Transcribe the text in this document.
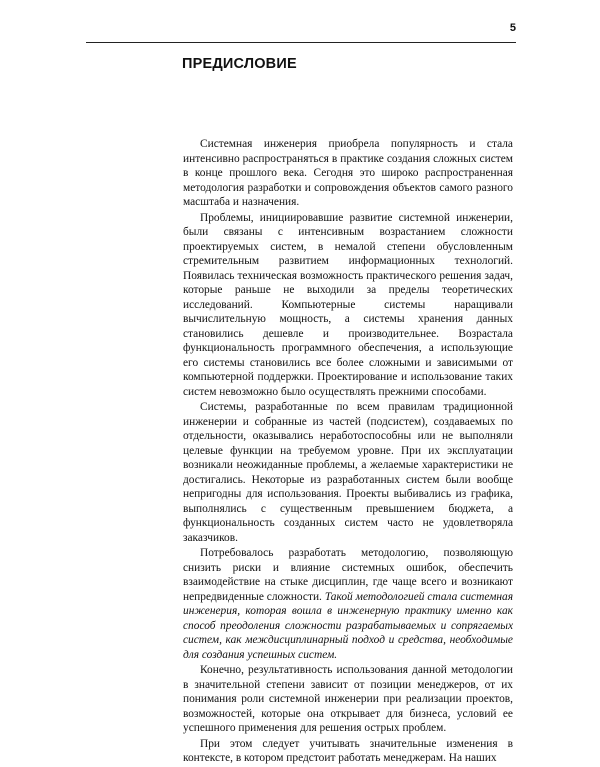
5
ПРЕДИСЛОВИЕ

Системная инженерия приобрела популярность и стала интенсивно распространяться в практике создания сложных систем в конце прошлого века. Сегодня это широко распространенная методология разработки и сопровождения объектов самого разного масштаба и назначения.

Проблемы, инициировавшие развитие системной инженерии, были связаны с интенсивным возрастанием сложности проектируемых систем, в немалой степени обусловленным стремительным развитием информационных технологий. Появилась техническая возможность практического решения задач, которые раньше не выходили за пределы теоретических исследований. Компьютерные системы наращивали вычислительную мощность, а системы хранения данных становились дешевле и производительнее. Возрастала функциональность программного обеспечения, а использующие его системы становились все более сложными и зависимыми от компьютерной поддержки. Проектирование и использование таких систем невозможно было осуществлять прежними способами.

Системы, разработанные по всем правилам традиционной инженерии и собранные из частей (подсистем), создаваемых по отдельности, оказывались неработоспособны или не выполняли целевые функции на требуемом уровне. При их эксплуатации возникали неожиданные проблемы, а желаемые характеристики не достигались. Некоторые из разработанных систем были вообще непригодны для использования. Проекты выбивались из графика, выполнялись с существенным превышением бюджета, а функциональность созданных систем часто не удовлетворяла заказчиков.

Потребовалось разработать методологию, позволяющую снизить риски и влияние системных ошибок, обеспечить взаимодействие на стыке дисциплин, где чаще всего и возникают непредвиденные сложности. Такой методологией стала системная инженерия, которая вошла в инженерную практику именно как способ преодоления сложности разрабатываемых и сопрягаемых систем, как междисциплинарный подход и средства, необходимые для создания успешных систем.

Конечно, результативность использования данной методологии в значительной степени зависит от позиции менеджеров, от их понимания роли системной инженерии при реализации проектов, возможностей, которые она открывает для бизнеса, условий ее успешного применения для решения острых проблем.

При этом следует учитывать значительные изменения в контексте, в котором предстоит работать менеджерам. На наших
